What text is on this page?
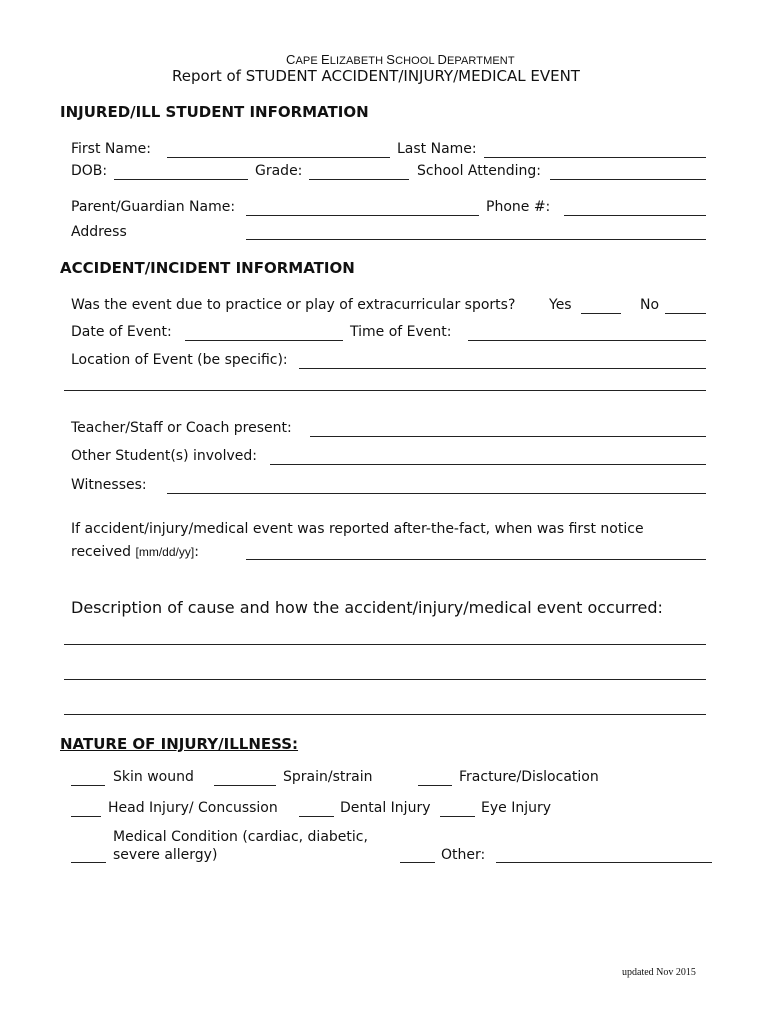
CAPE ELIZABETH SCHOOL DEPARTMENT
Report of STUDENT ACCIDENT/INJURY/MEDICAL EVENT
INJURED/ILL STUDENT INFORMATION
First Name:	Last Name:
DOB:	Grade:	School Attending:
Parent/Guardian Name:	Phone #:
Address
ACCIDENT/INCIDENT INFORMATION
Was the event due to practice or play of extracurricular sports? Yes	No
Date of Event:	Time of Event:
Location of Event (be specific):
Teacher/Staff or Coach present:
Other Student(s) involved:
Witnesses:
If accident/injury/medical event was reported after-the-fact, when was first notice
received [mm/dd/yy]:
Description of cause and how the accident/injury/medical event occurred:
NATURE OF INJURY/ILLNESS:
Skin wound	Sprain/strain	Fracture/Dislocation
Head Injury/ Concussion	Dental Injury	Eye Injury
Medical Condition (cardiac, diabetic,
severe allergy)	Other:
updated Nov 2015
